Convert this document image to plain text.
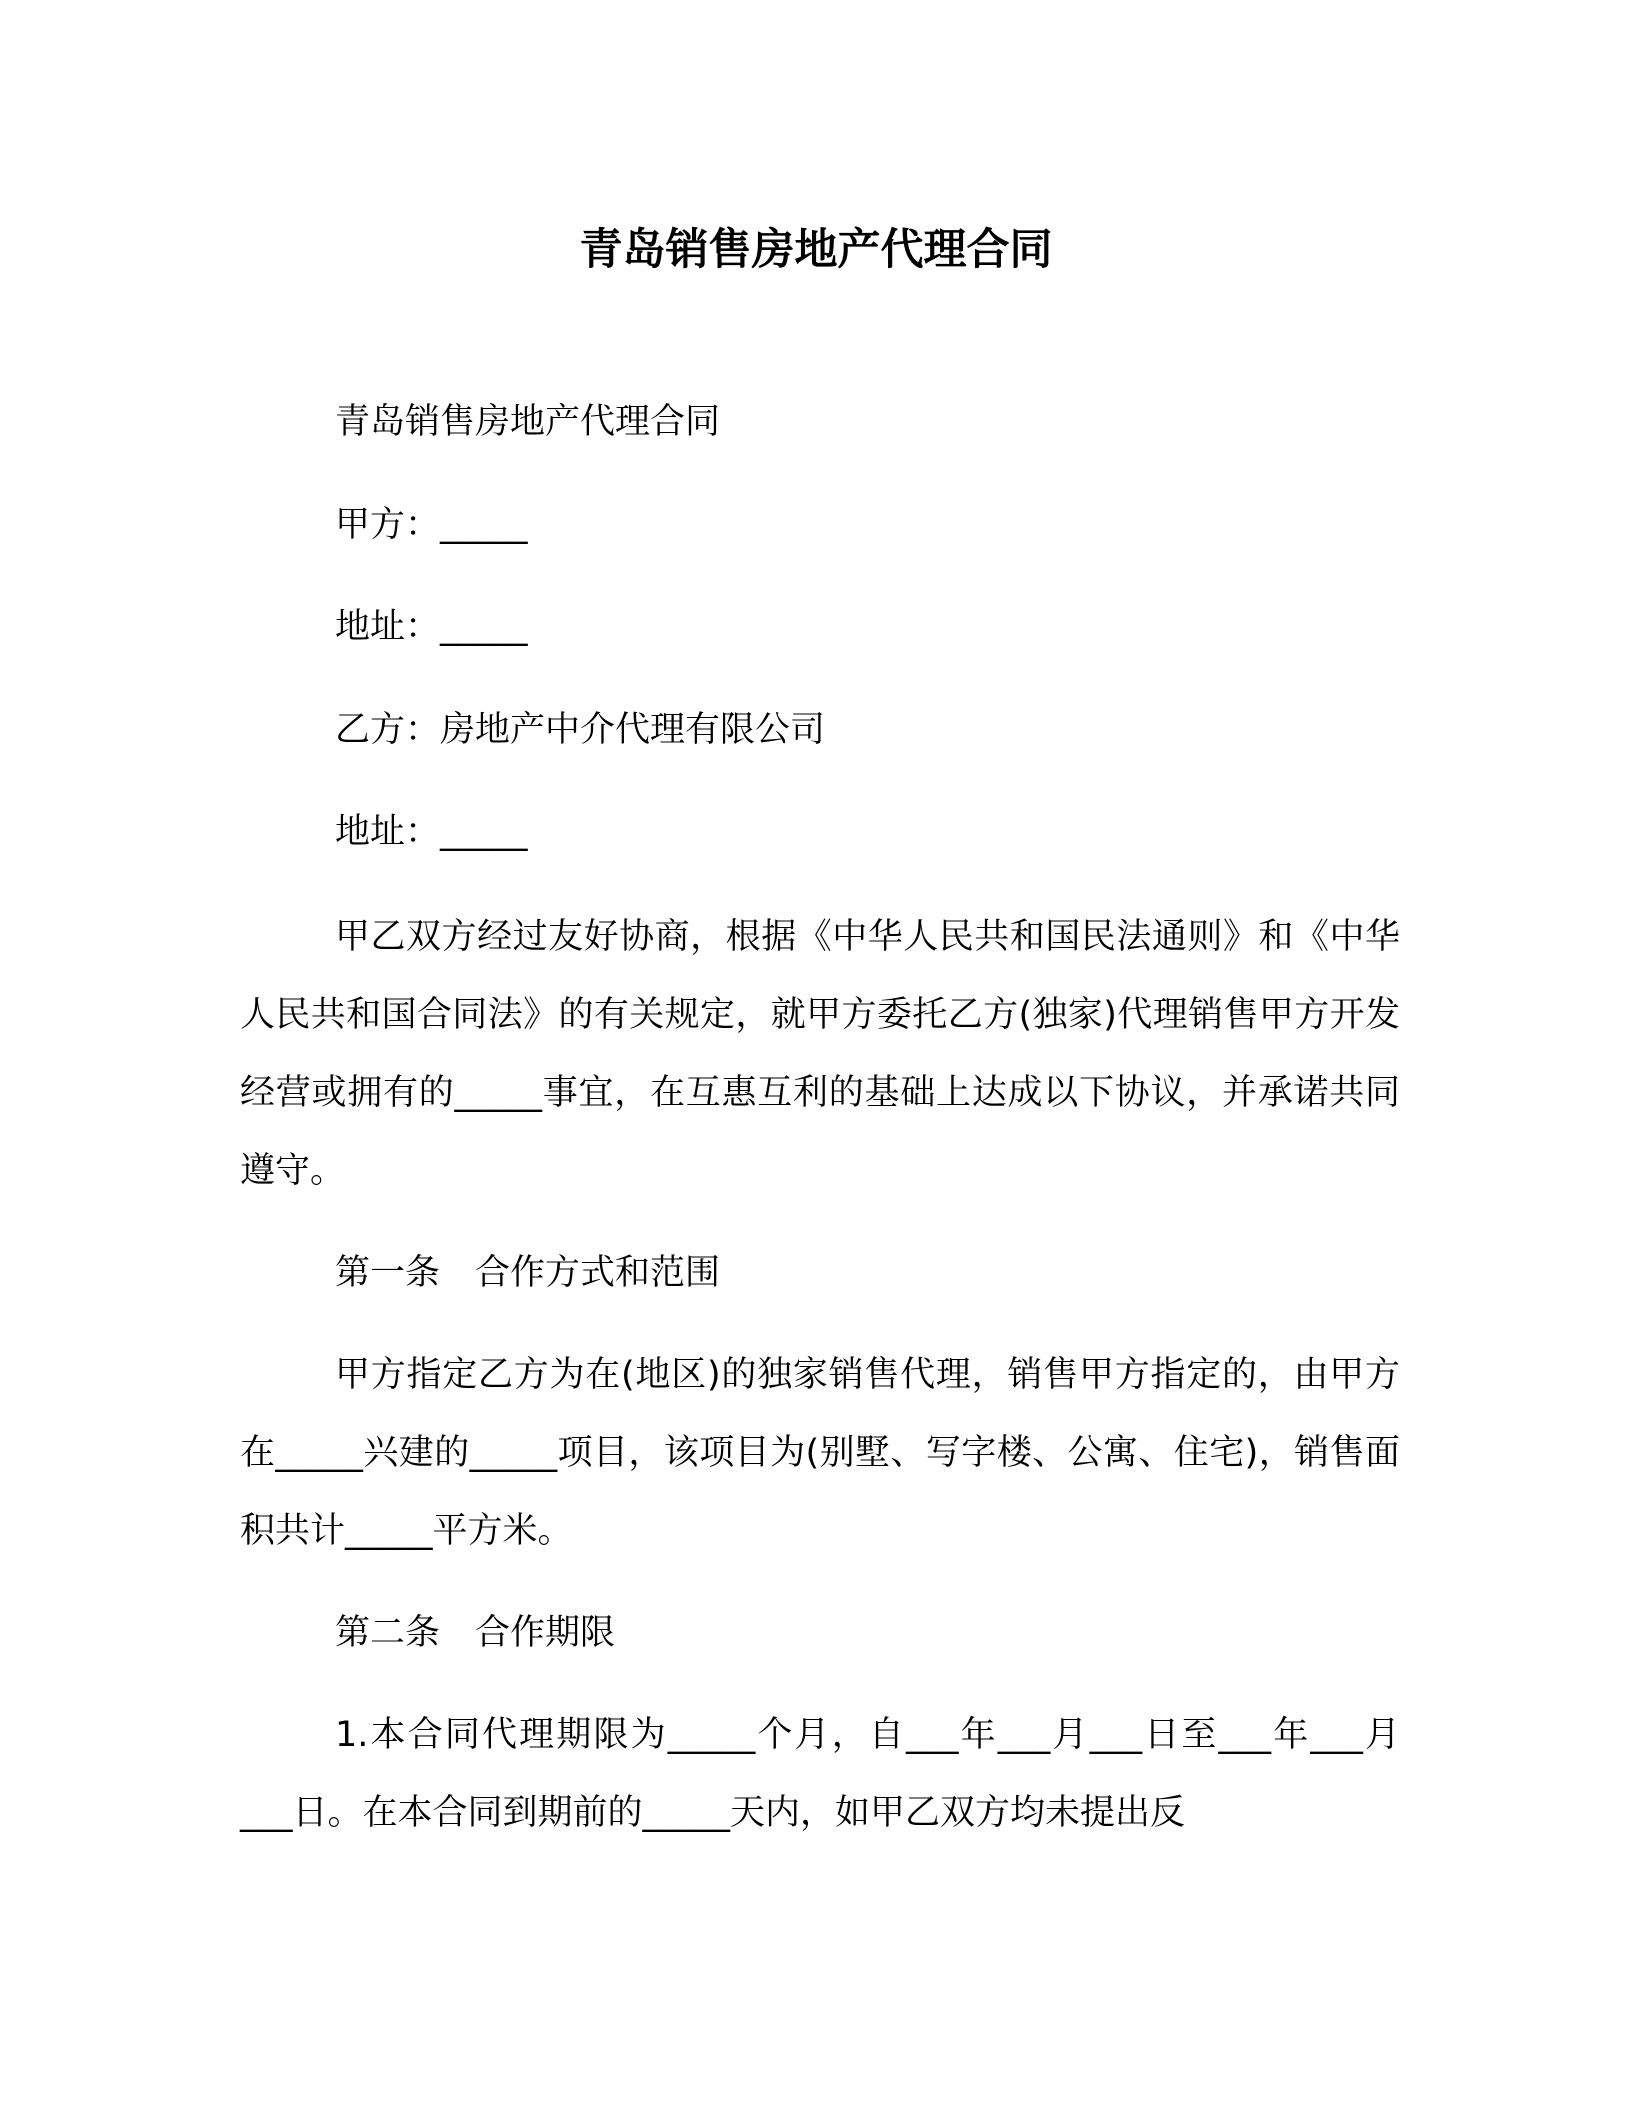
青岛销售房地产代理合同
青岛销售房地产代理合同
甲方：_____
地址：_____
乙方：房地产中介代理有限公司
地址：_____
甲乙双方经过友好协商，根据《中华人民共和国民法通则》和《中华人民共和国合同法》的有关规定，就甲方委托乙方(独家)代理销售甲方开发经营或拥有的_____事宜，在互惠互利的基础上达成以下协议，并承诺共同遵守。
第一条　合作方式和范围
甲方指定乙方为在(地区)的独家销售代理，销售甲方指定的，由甲方在_____兴建的_____项目，该项目为(别墅、写字楼、公寓、住宅)，销售面积共计_____平方米。
第二条　合作期限
1.本合同代理期限为_____个月，自___年___月___日至___年___月___日。在本合同到期前的_____天内，如甲乙双方均未提出反
